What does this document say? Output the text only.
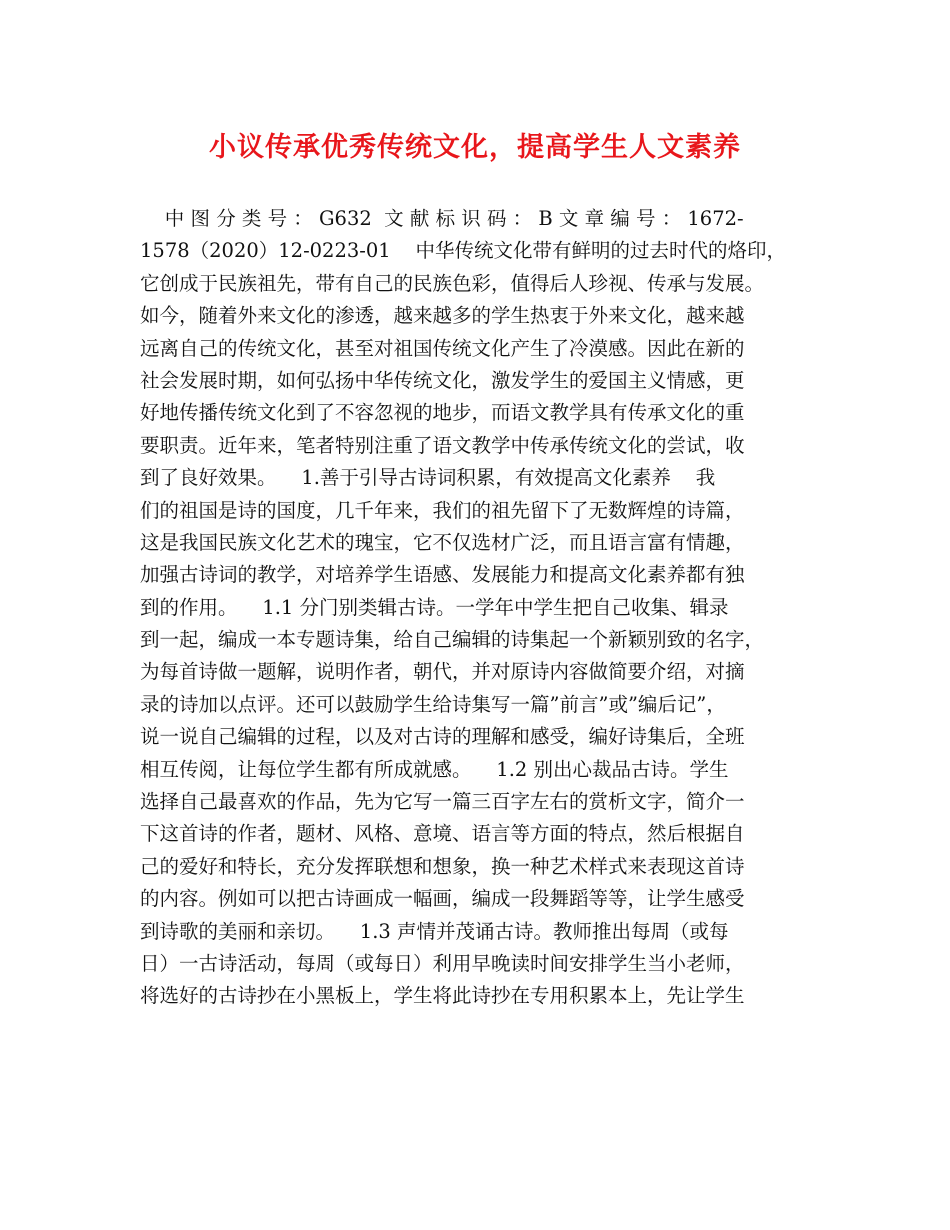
小议传承优秀传统文化，提高学生人文素养
中 图 分 类 号 ： G632  文 献 标 识 码 ： B 文 章 编 号 ： 1672-
1578（2020）12-0223-01    中华传统文化带有鲜明的过去时代的烙印，
它创成于民族祖先，带有自己的民族色彩，值得后人珍视、传承与发展。
如今，随着外来文化的渗透，越来越多的学生热衷于外来文化，越来越
远离自己的传统文化，甚至对祖国传统文化产生了冷漠感。因此在新的
社会发展时期，如何弘扬中华传统文化，激发学生的爱国主义情感，更
好地传播传统文化到了不容忽视的地步，而语文教学具有传承文化的重
要职责。近年来，笔者特别注重了语文教学中传承传统文化的尝试，收
到了良好效果。    1.善于引导古诗词积累，有效提高文化素养    我
们的祖国是诗的国度，几千年来，我们的祖先留下了无数辉煌的诗篇，
这是我国民族文化艺术的瑰宝，它不仅选材广泛，而且语言富有情趣，
加强古诗词的教学，对培养学生语感、发展能力和提高文化素养都有独
到的作用。    1.1 分门别类辑古诗。一学年中学生把自己收集、辑录
到一起，编成一本专题诗集，给自己编辑的诗集起一个新颖别致的名字，
为每首诗做一题解，说明作者，朝代，并对原诗内容做简要介绍，对摘
录的诗加以点评。还可以鼓励学生给诗集写一篇”前言”或”编后记”，
说一说自己编辑的过程，以及对古诗的理解和感受，编好诗集后，全班
相互传阅，让每位学生都有所成就感。    1.2 别出心裁品古诗。学生
选择自己最喜欢的作品，先为它写一篇三百字左右的赏析文字，简介一
下这首诗的作者，题材、风格、意境、语言等方面的特点，然后根据自
己的爱好和特长，充分发挥联想和想象，换一种艺术样式来表现这首诗
的内容。例如可以把古诗画成一幅画，编成一段舞蹈等等，让学生感受
到诗歌的美丽和亲切。    1.3 声情并茂诵古诗。教师推出每周（或每
日）一古诗活动，每周（或每日）利用早晚读时间安排学生当小老师，
将选好的古诗抄在小黑板上，学生将此诗抄在专用积累本上，先让学生
